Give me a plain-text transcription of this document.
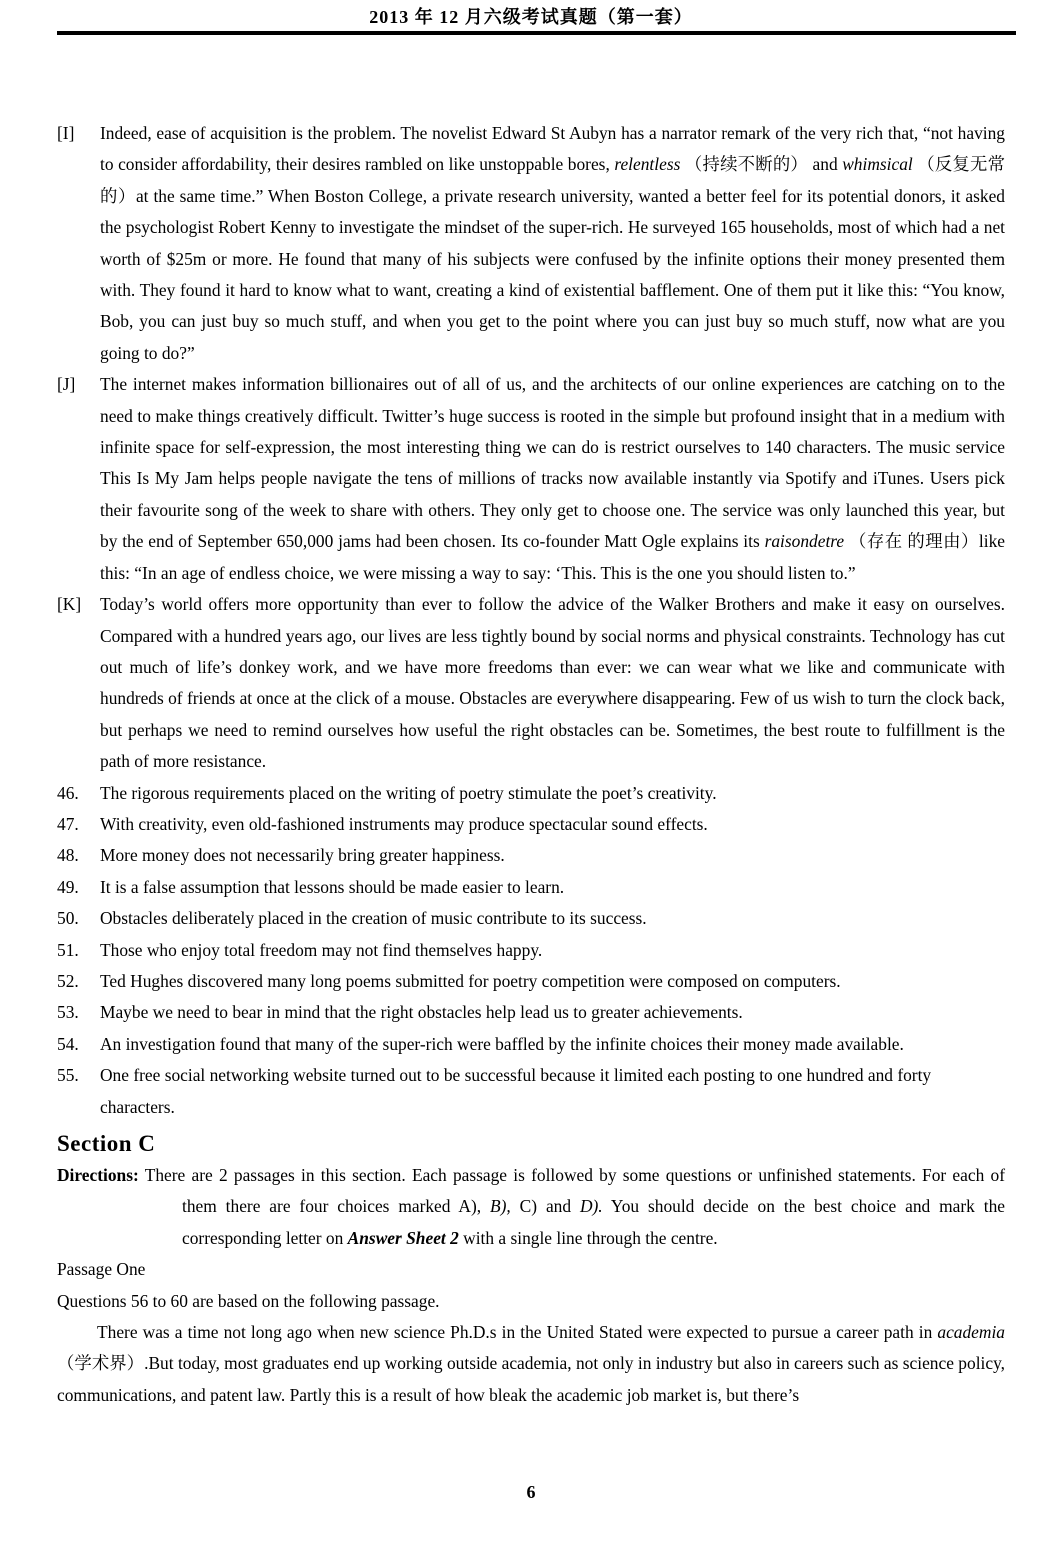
2013 年 12 月六级考试真题（第一套）
[I] Indeed, ease of acquisition is the problem. The novelist Edward St Aubyn has a narrator remark of the very rich that, “not having to consider affordability, their desires rambled on like unstoppable bores, relentless （持续不断的） and whimsical （反复无常的）at the same time.” When Boston College, a private research university, wanted a better feel for its potential donors, it asked the psychologist Robert Kenny to investigate the mindset of the super-rich. He surveyed 165 households, most of which had a net worth of $25m or more. He found that many of his subjects were confused by the infinite options their money presented them with. They found it hard to know what to want, creating a kind of existential bafflement. One of them put it like this: “You know, Bob, you can just buy so much stuff, and when you get to the point where you can just buy so much stuff, now what are you going to do?”
[J] The internet makes information billionaires out of all of us, and the architects of our online experiences are catching on to the need to make things creatively difficult. Twitter’s huge success is rooted in the simple but profound insight that in a medium with infinite space for self-expression, the most interesting thing we can do is restrict ourselves to 140 characters. The music service This Is My Jam helps people navigate the tens of millions of tracks now available instantly via Spotify and iTunes. Users pick their favourite song of the week to share with others. They only get to choose one. The service was only launched this year, but by the end of September 650,000 jams had been chosen. Its co-founder Matt Ogle explains its raisondetre （存在 的理由）like this: “In an age of endless choice, we were missing a way to say: ‘This. This is the one you should listen to.”
[K] Today’s world offers more opportunity than ever to follow the advice of the Walker Brothers and make it easy on ourselves. Compared with a hundred years ago, our lives are less tightly bound by social norms and physical constraints. Technology has cut out much of life’s donkey work, and we have more freedoms than ever: we can wear what we like and communicate with hundreds of friends at once at the click of a mouse. Obstacles are everywhere disappearing. Few of us wish to turn the clock back, but perhaps we need to remind ourselves how useful the right obstacles can be. Sometimes, the best route to fulfillment is the path of more resistance.
46. The rigorous requirements placed on the writing of poetry stimulate the poet’s creativity.
47. With creativity, even old-fashioned instruments may produce spectacular sound effects.
48. More money does not necessarily bring greater happiness.
49. It is a false assumption that lessons should be made easier to learn.
50. Obstacles deliberately placed in the creation of music contribute to its success.
51. Those who enjoy total freedom may not find themselves happy.
52. Ted Hughes discovered many long poems submitted for poetry competition were composed on computers.
53. Maybe we need to bear in mind that the right obstacles help lead us to greater achievements.
54. An investigation found that many of the super-rich were baffled by the infinite choices their money made available.
55. One free social networking website turned out to be successful because it limited each posting to one hundred and forty characters.
Section C
Directions: There are 2 passages in this section. Each passage is followed by some questions or unfinished statements. For each of them there are four choices marked A), B), C) and D). You should decide on the best choice and mark the corresponding letter on Answer Sheet 2 with a single line through the centre.
Passage One
Questions 56 to 60 are based on the following passage.
There was a time not long ago when new science Ph.D.s in the United Stated were expected to pursue a career path in academia（学术界）.But today, most graduates end up working outside academia, not only in industry but also in careers such as science policy, communications, and patent law. Partly this is a result of how bleak the academic job market is, but there’s
6
